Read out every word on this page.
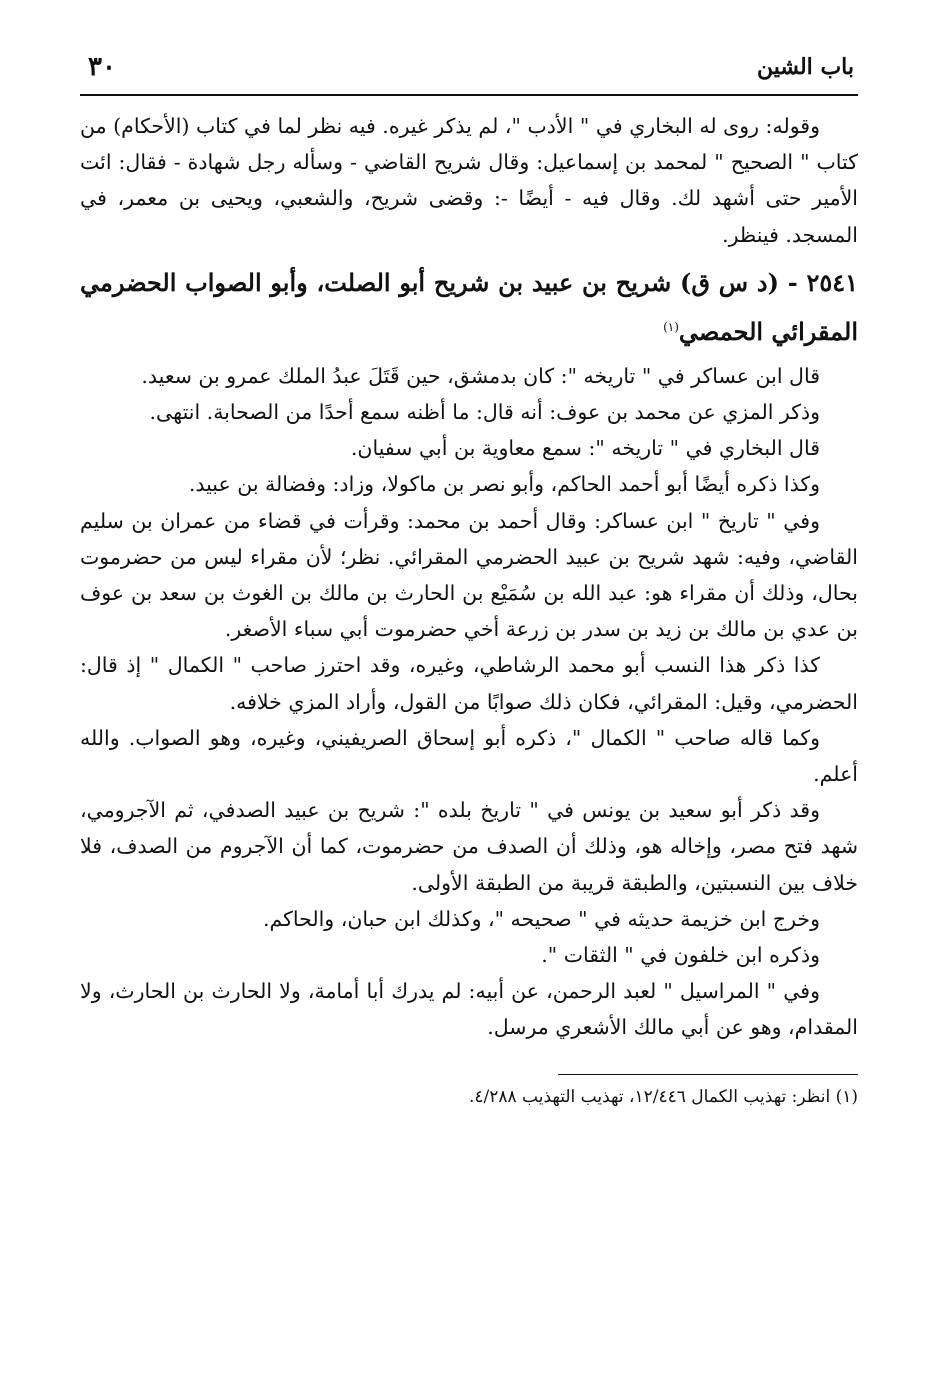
٣٠	باب الشين

وقوله: روى له البخاري في " الأدب "، لم يذكر غيره. فيه نظر لما في كتاب (الأحكام) من كتاب " الصحيح " لمحمد بن إسماعيل: وقال شريح القاضي - وسأله رجل شهادة - فقال: ائت الأمير حتى أشهد لك. وقال فيه - أيضًا -: وقضى شريح، والشعبي، ويحيى بن معمر، في المسجد. فينظر.

٢٥٤١ - (د س ق) شريح بن عبيد بن شريح أبو الصلت، وأبو الصواب الحضرمي المقرائي الحمصي$^{(١)}$

قال ابن عساكر في " تاريخه ": كان بدمشق، حين قَتَلَ عبدُ الملك عمرو بن سعيد.

وذكر المزي عن محمد بن عوف: أنه قال: ما أظنه سمع أحدًا من الصحابة. انتهى.

قال البخاري في " تاريخه ": سمع معاوية بن أبي سفيان.

وكذا ذكره أيضًا أبو أحمد الحاكم، وأبو نصر بن ماكولا، وزاد: وفضالة بن عبيد.

وفي " تاريخ " ابن عساكر: وقال أحمد بن محمد: وقرأت في قضاء من عمران بن سليم القاضي، وفيه: شهد شريح بن عبيد الحضرمي المقرائي. نظر؛ لأن مقراء ليس من حضرموت بحال، وذلك أن مقراء هو: عبد الله بن سُمَيْع بن الحارث بن مالك بن الغوث بن سعد بن عوف بن عدي بن مالك بن زيد بن سدر بن زرعة أخي حضرموت أبي سباء الأصغر.

كذا ذكر هذا النسب أبو محمد الرشاطي، وغيره، وقد احترز صاحب " الكمال " إذ قال: الحضرمي، وقيل: المقرائي، فكان ذلك صوابًا من القول، وأراد المزي خلافه.

وكما قاله صاحب " الكمال "، ذكره أبو إسحاق الصريفيني، وغيره، وهو الصواب. والله أعلم.

وقد ذكر أبو سعيد بن يونس في " تاريخ بلده ": شريح بن عبيد الصدفي، ثم الآجرومي، شهد فتح مصر، وإخاله هو، وذلك أن الصدف من حضرموت، كما أن الآجروم من الصدف، فلا خلاف بين النسبتين، والطبقة قريبة من الطبقة الأولى.

وخرج ابن خزيمة حديثه في " صحيحه "، وكذلك ابن حبان، والحاكم.

وذكره ابن خلفون في " الثقات ".

وفي " المراسيل " لعبد الرحمن، عن أبيه: لم يدرك أبا أمامة، ولا الحارث بن الحارث، ولا المقدام، وهو عن أبي مالك الأشعري مرسل.

(١) انظر: تهذيب الكمال ١٢/٤٤٦، تهذيب التهذيب ٤/٢٨٨.
